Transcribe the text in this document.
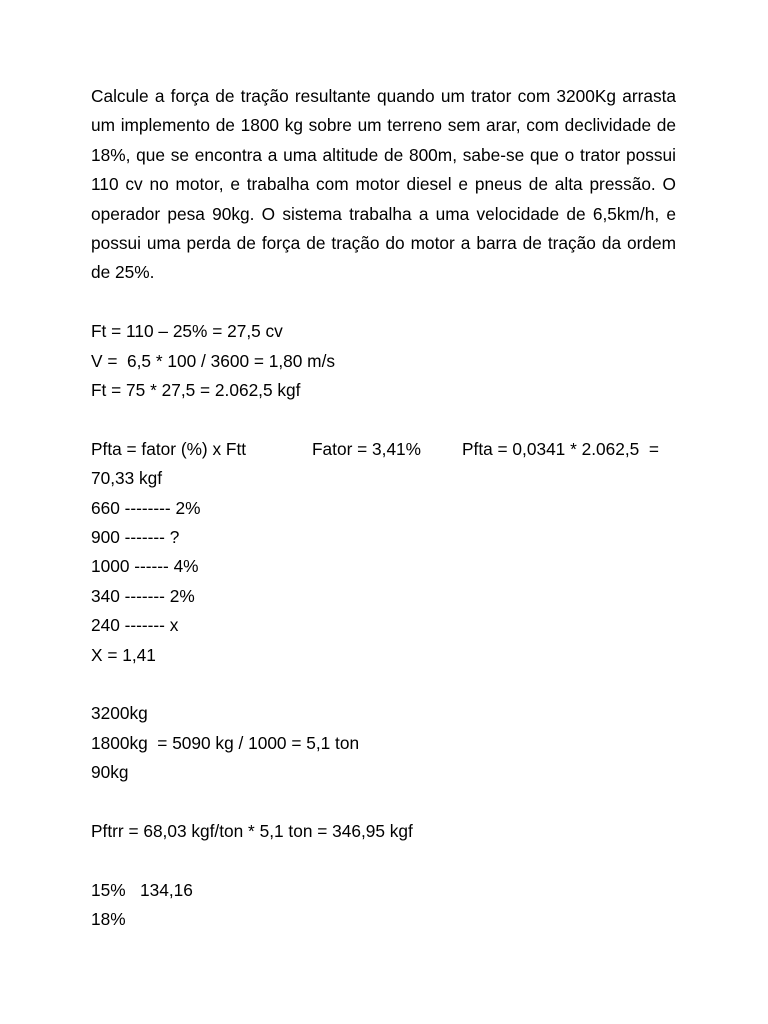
Calcule a força de tração resultante quando um trator com 3200Kg arrasta um implemento de 1800 kg sobre um terreno sem arar, com declividade de 18%, que se encontra a uma altitude de 800m, sabe-se que o trator possui 110 cv no motor, e trabalha com motor diesel e pneus de alta pressão. O operador pesa 90kg. O sistema trabalha a uma velocidade de 6,5km/h, e possui uma perda de força de tração do motor a barra de tração da ordem de 25%.

Ft = 110 – 25% = 27,5 cv

V =  6,5 * 100 / 3600 = 1,80 m/s

Ft = 75 * 27,5 = 2.062,5 kgf

Pfta = fator (%) x Ftt	Fator = 3,41%	Pfta = 0,0341 * 2.062,5  =

70,33 kgf

660 -------- 2%

900 ------- ?

1000 ------ 4%

340 ------- 2%

240 ------- x

X = 1,41

3200kg

1800kg  = 5090 kg / 1000 = 5,1 ton

90kg

Pftrr = 68,03 kgf/ton * 5,1 ton = 346,95 kgf

15%   134,16

18%
